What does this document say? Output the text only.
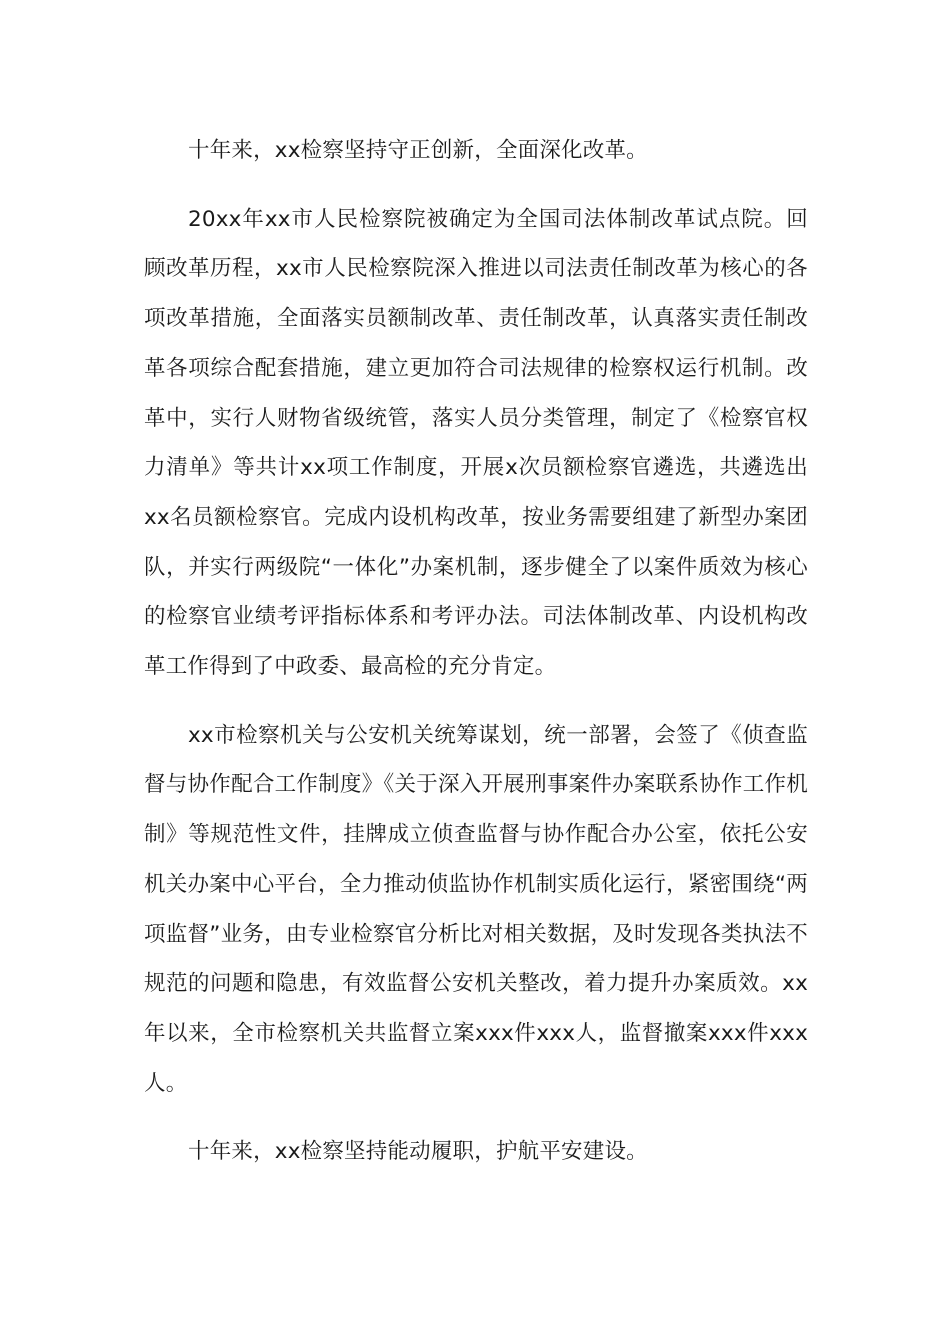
十年来，xx检察坚持守正创新，全面深化改革。

20xx年xx市人民检察院被确定为全国司法体制改革试点院。回顾改革历程，xx市人民检察院深入推进以司法责任制改革为核心的各项改革措施，全面落实员额制改革、责任制改革，认真落实责任制改革各项综合配套措施，建立更加符合司法规律的检察权运行机制。改革中，实行人财物省级统管，落实人员分类管理，制定了《检察官权力清单》等共计xx项工作制度，开展x次员额检察官遴选，共遴选出xx名员额检察官。完成内设机构改革，按业务需要组建了新型办案团队，并实行两级院“一体化”办案机制，逐步健全了以案件质效为核心的检察官业绩考评指标体系和考评办法。司法体制改革、内设机构改革工作得到了中政委、最高检的充分肯定。

xx市检察机关与公安机关统筹谋划，统一部署，会签了《侦查监督与协作配合工作制度》《关于深入开展刑事案件办案联系协作工作机制》等规范性文件，挂牌成立侦查监督与协作配合办公室，依托公安机关办案中心平台，全力推动侦监协作机制实质化运行，紧密围绕“两项监督”业务，由专业检察官分析比对相关数据，及时发现各类执法不规范的问题和隐患，有效监督公安机关整改，着力提升办案质效。xx年以来，全市检察机关共监督立案xxx件xxx人，监督撤案xxx件xxx人。

十年来，xx检察坚持能动履职，护航平安建设。
